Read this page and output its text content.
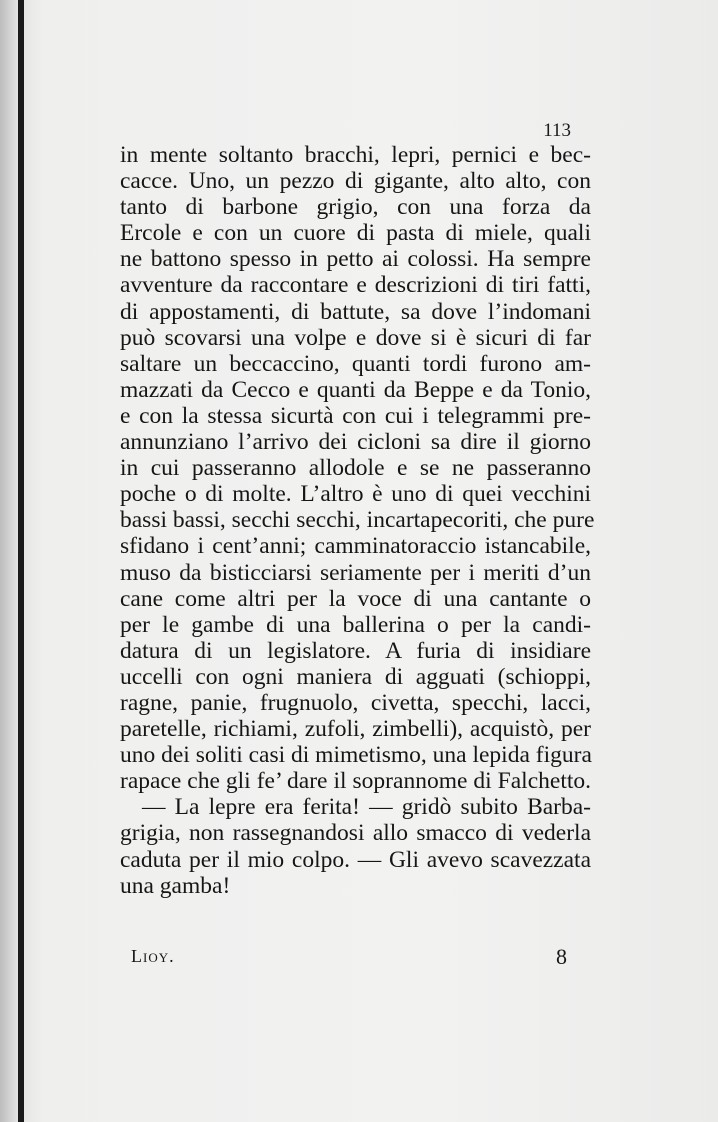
113
in mente soltanto bracchi, lepri, pernici e bec-
cacce. Uno, un pezzo di gigante, alto alto, con
tanto di barbone grigio, con una forza da
Ercole e con un cuore di pasta di miele, quali
ne battono spesso in petto ai colossi. Ha sempre
avventure da raccontare e descrizioni di tiri fatti,
di appostamenti, di battute, sa dove l’indomani
può scovarsi una volpe e dove si è sicuri di far
saltare un beccaccino, quanti tordi furono am-
mazzati da Cecco e quanti da Beppe e da Tonio,
e con la stessa sicurtà con cui i telegrammi pre-
annunziano l’arrivo dei cicloni sa dire il giorno
in cui passeranno allodole e se ne passeranno
poche o di molte. L’altro è uno di quei vecchini
bassi bassi, secchi secchi, incartapecoriti, che pure
sfidano i cent’anni; camminatoraccio istancabile,
muso da bisticciarsi seriamente per i meriti d’un
cane come altri per la voce di una cantante o
per le gambe di una ballerina o per la candi-
datura di un legislatore. A furia di insidiare
uccelli con ogni maniera di agguati (schioppi,
ragne, panie, frugnuolo, civetta, specchi, lacci,
paretelle, richiami, zufoli, zimbelli), acquistò, per
uno dei soliti casi di mimetismo, una lepida figura
rapace che gli fe’ dare il soprannome di Falchetto.
— La lepre era ferita! — gridò subito Barba-
grigia, non rassegnandosi allo smacco di vederla
caduta per il mio colpo. — Gli avevo scavezzata
una gamba!
Lioy.	8
